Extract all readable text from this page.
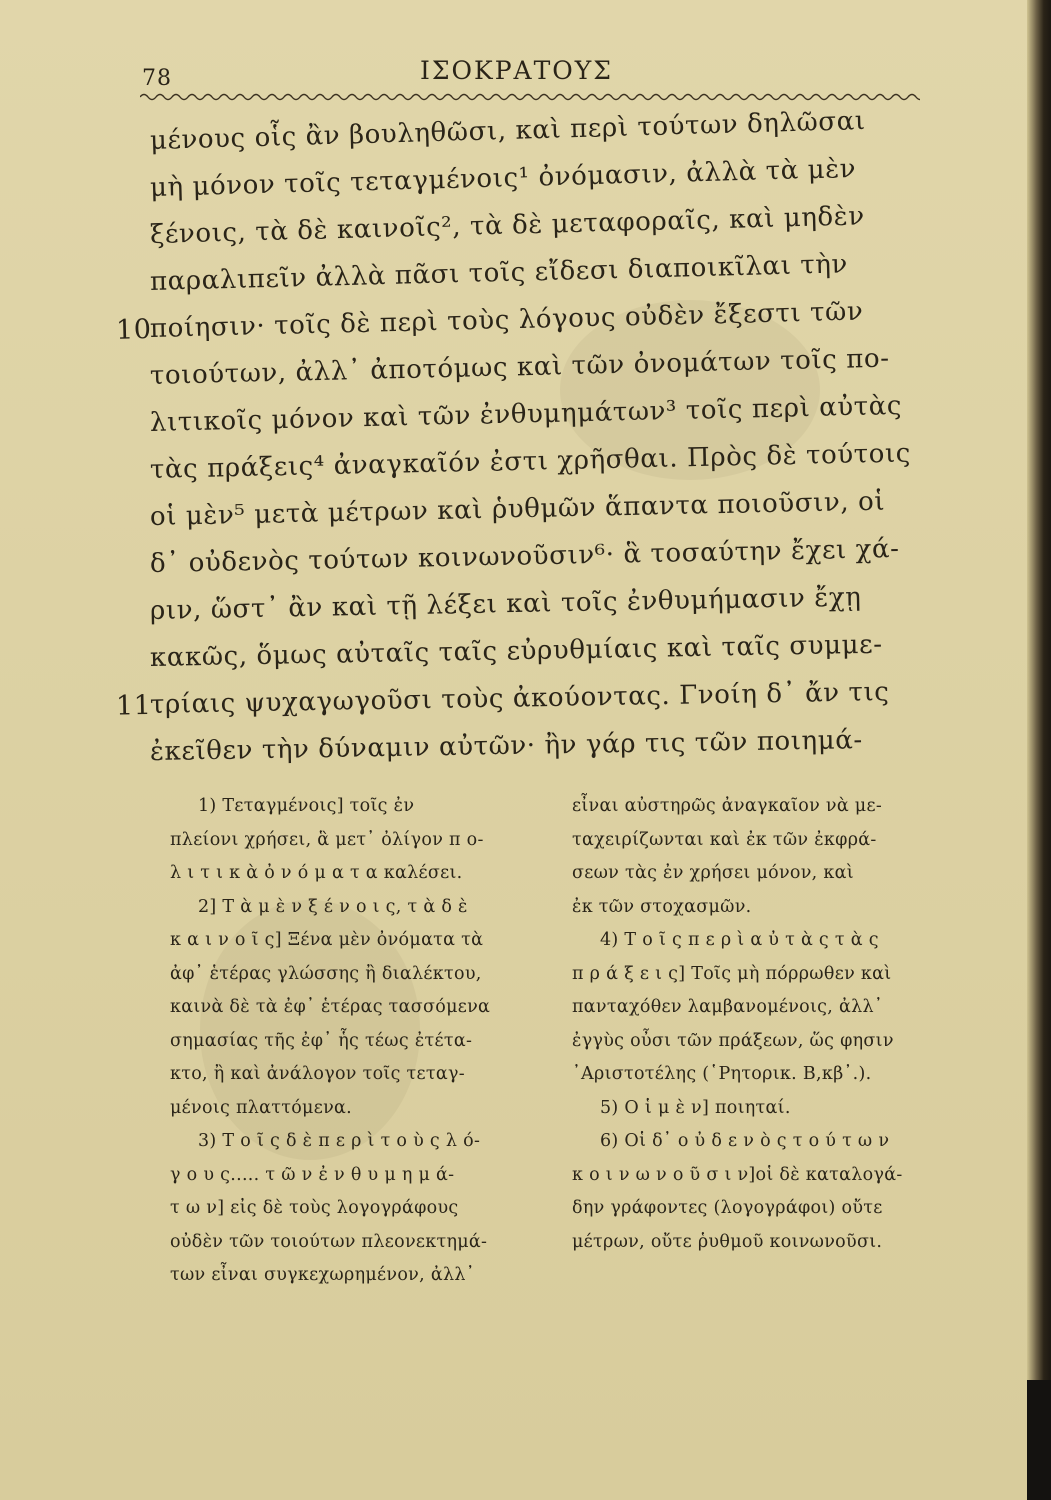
78	ΙΣΟΚΡΑΤΟΥΣ
μένους οἷς ἂν βουληθῶσι, καὶ περὶ τούτων δηλῶσαι
μὴ μόνον τοῖς τεταγμένοις¹ ὀνόμασιν, ἀλλὰ τὰ μὲν
ξένοις, τὰ δὲ καινοῖς², τὰ δὲ μεταφοραῖς, καὶ μηδὲν
παραλιπεῖν ἀλλὰ πᾶσι τοῖς εἴδεσι διαποικῖλαι τὴν
10
ποίησιν· τοῖς δὲ περὶ τοὺς λόγους οὐδὲν ἔξεστι τῶν
τοιούτων, ἀλλ᾽ ἀποτόμως καὶ τῶν ὀνομάτων τοῖς πο-
λιτικοῖς μόνον καὶ τῶν ἐνθυμημάτων³ τοῖς περὶ αὐτὰς
τὰς πράξεις⁴ ἀναγκαῖόν ἐστι χρῆσθαι. Πρὸς δὲ τούτοις
οἱ μὲν⁵ μετὰ μέτρων καὶ ῥυθμῶν ἅπαντα ποιοῦσιν, οἱ
δ᾽ οὐδενὸς τούτων κοινωνοῦσιν⁶· ἃ τοσαύτην ἔχει χά-
ριν, ὥστ᾽ ἂν καὶ τῇ λέξει καὶ τοῖς ἐνθυμήμασιν ἔχῃ
κακῶς, ὅμως αὐταῖς ταῖς εὐρυθμίαις καὶ ταῖς συμμε-
11
τρίαις ψυχαγωγοῦσι τοὺς ἀκούοντας. Γνοίη δ᾽ ἄν τις
ἐκεῖθεν τὴν δύναμιν αὐτῶν· ἢν γάρ τις τῶν ποιημά-
1) Τεταγμένοις] τοῖς ἐν
πλείονι χρήσει, ἃ μετ᾽ ὀλίγον π ο-
λ ι τ ι κ ὰ ὀ ν ό μ α τ α καλέσει.
2] Τ ὰ μ ὲ ν ξ έ ν ο ι ς, τ ὰ δ ὲ
κ α ι ν ο ῖ ς] Ξένα μὲν ὀνόματα τὰ
ἀφ᾽ ἑτέρας γλώσσης ἢ διαλέκτου,
καινὰ δὲ τὰ ἐφ᾽ ἑτέρας τασσόμενα
σημασίας τῆς ἐφ᾽ ἧς τέως ἐτέτα-
κτο, ἢ καὶ ἀνάλογον τοῖς τεταγ-
μένοις πλαττόμενα.
3) Τ ο ῖ ς δ ὲ π ε ρ ὶ τ ο ὺ ς λ ό-
γ ο υ ς..... τ ῶ ν ἐ ν θ υ μ η μ ά-
τ ω ν] εἰς δὲ τοὺς λογογράφους
οὐδὲν τῶν τοιούτων πλεονεκτημά-
των εἶναι συγκεχωρημένον, ἀλλ᾽
εἶναι αὐστηρῶς ἀναγκαῖον νὰ με-
ταχειρίζωνται καὶ ἐκ τῶν ἐκφρά-
σεων τὰς ἐν χρήσει μόνον, καὶ
ἐκ τῶν στοχασμῶν.
4) Τ ο ῖ ς π ε ρ ὶ α ὐ τ ὰ ς τ ὰ ς
π ρ ά ξ ε ι ς] Τοῖς μὴ πόρρωθεν καὶ
πανταχόθεν λαμβανομένοις, ἀλλ᾽
ἐγγὺς οὖσι τῶν πράξεων, ὥς φησιν
᾽Αριστοτέλης (῾Ρητορικ. Β,κβ᾽.).
5) Ο ἱ μ ὲ ν] ποιηταί.
6) Οἱ δ᾽ ο ὐ δ ε ν ὸ ς τ ο ύ τ ω ν
κ ο ι ν ω ν ο ῦ σ ι ν]οἱ δὲ καταλογά-
δην γράφοντες (λογογράφοι) οὔτε
μέτρων, οὔτε ῥυθμοῦ κοινωνοῦσι.
